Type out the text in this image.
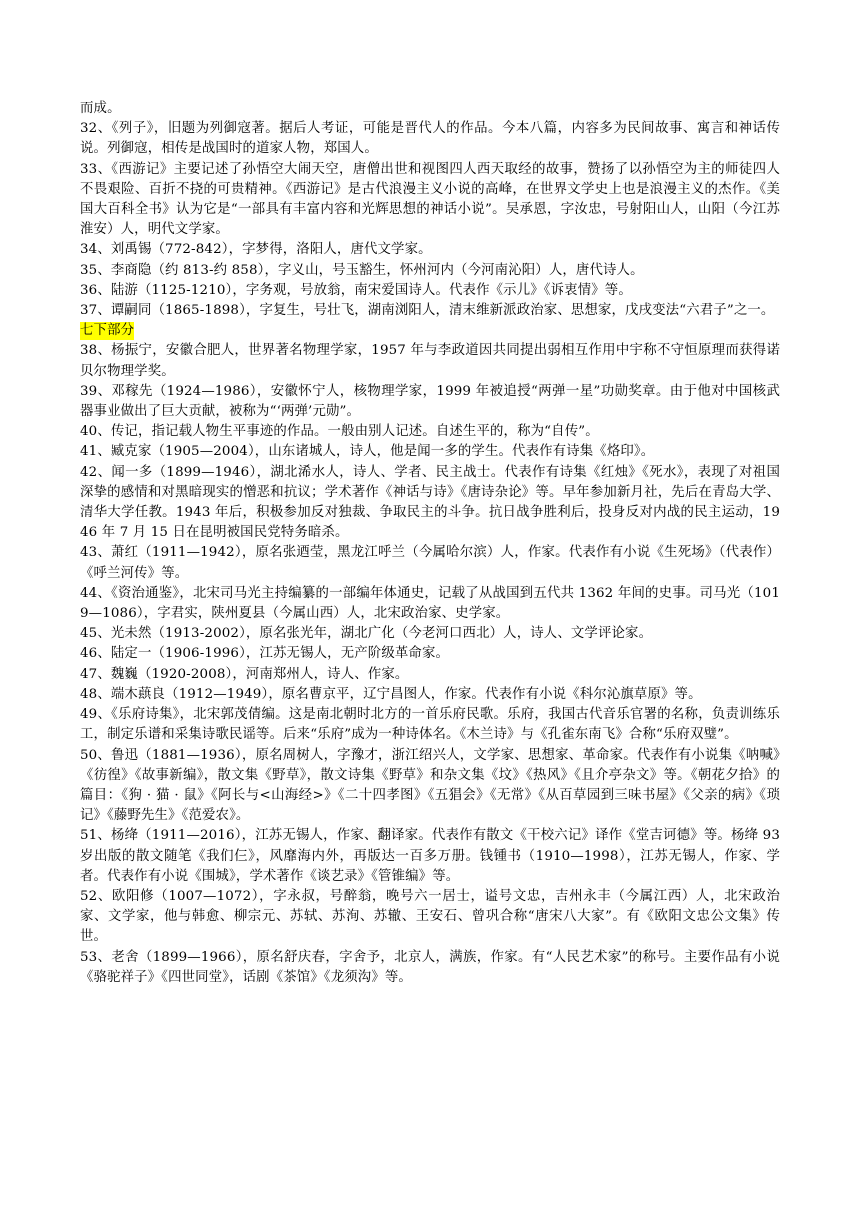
而成。

32、《列子》，旧题为列御寇著。据后人考证，可能是晋代人的作品。今本八篇，内容多为民间故事、寓言和神话传说。列御寇，相传是战国时的道家人物，郑国人。

33、《西游记》主要记述了孙悟空大闹天空，唐僧出世和视图四人西天取经的故事，赞扬了以孙悟空为主的师徒四人不畏艰险、百折不挠的可贵精神。《西游记》是古代浪漫主义小说的高峰，在世界文学史上也是浪漫主义的杰作。《美国大百科全书》认为它是“一部具有丰富内容和光辉思想的神话小说”。吴承恩，字汝忠，号射阳山人，山阳（今江苏淮安）人，明代文学家。

34、刘禹锡（772-842），字梦得，洛阳人，唐代文学家。

35、李商隐（约 813-约 858），字义山，号玉豁生，怀州河内（今河南沁阳）人，唐代诗人。

36、陆游（1125-1210），字务观，号放翁，南宋爱国诗人。代表作《示儿》《诉衷情》等。

37、谭嗣同（1865-1898），字复生，号壮飞，湖南浏阳人，清末维新派政治家、思想家，戊戌变法“六君子”之一。

七下部分

38、杨振宁，安徽合肥人，世界著名物理学家，1957 年与李政道因共同提出弱相互作用中宇称不守恒原理而获得诺贝尔物理学奖。

39、邓稼先（1924—1986），安徽怀宁人，核物理学家，1999 年被追授“两弹一星”功勋奖章。由于他对中国核武器事业做出了巨大贡献，被称为“‘两弹’元勋”。

40、传记，指记载人物生平事迹的作品。一般由别人记述。自述生平的，称为“自传”。

41、臧克家（1905—2004），山东诸城人，诗人，他是闻一多的学生。代表作有诗集《烙印》。

42、闻一多（1899—1946），湖北浠水人，诗人、学者、民主战士。代表作有诗集《红烛》《死水》，表现了对祖国深挚的感情和对黑暗现实的憎恶和抗议；学术著作《神话与诗》《唐诗杂论》等。早年参加新月社，先后在青岛大学、清华大学任教。1943 年后，积极参加反对独裁、争取民主的斗争。抗日战争胜利后，投身反对内战的民主运动，1946 年 7 月 15 日在昆明被国民党特务暗杀。

43、萧红（1911—1942），原名张迺莹，黑龙江呼兰（今属哈尔滨）人，作家。代表作有小说《生死场》（代表作）《呼兰河传》等。

44、《资治通鉴》，北宋司马光主持编纂的一部编年体通史，记载了从战国到五代共 1362 年间的史事。司马光（1019—1086），字君实，陕州夏县（今属山西）人，北宋政治家、史学家。

45、光未然（1913-2002），原名张光年，湖北广化（今老河口西北）人，诗人、文学评论家。

46、陆定一（1906-1996），江苏无锡人，无产阶级革命家。

47、魏巍（1920-2008），河南郑州人，诗人、作家。

48、端木蕻良（1912—1949），原名曹京平，辽宁昌图人，作家。代表作有小说《科尔沁旗草原》等。

49、《乐府诗集》，北宋郭茂倩编。这是南北朝时北方的一首乐府民歌。乐府，我国古代音乐官署的名称，负责训练乐工，制定乐谱和采集诗歌民谣等。后来“乐府”成为一种诗体名。《木兰诗》与《孔雀东南飞》合称“乐府双璧”。

50、鲁迅（1881—1936），原名周树人，字豫才，浙江绍兴人，文学家、思想家、革命家。代表作有小说集《呐喊》《彷徨》《故事新编》，散文集《野草》，散文诗集《野草》和杂文集《坟》《热风》《且介亭杂文》等。《朝花夕拾》的篇目：《狗 · 猫 · 鼠》《阿长与<山海经>》《二十四孝图》《五猖会》《无常》《从百草园到三味书屋》《父亲的病》《琐记》《藤野先生》《范爱农》。

51、杨绛（1911—2016），江苏无锡人，作家、翻译家。代表作有散文《干校六记》译作《堂吉诃德》等。杨绛 93 岁出版的散文随笔《我们仨》，风靡海内外，再版达一百多万册。钱锺书（1910—1998），江苏无锡人，作家、学者。代表作有小说《围城》，学术著作《谈艺录》《管锥编》等。

52、欧阳修（1007—1072），字永叔，号醉翁，晚号六一居士，谥号文忠，吉州永丰（今属江西）人，北宋政治家、文学家，他与韩愈、柳宗元、苏轼、苏洵、苏辙、王安石、曾巩合称“唐宋八大家”。有《欧阳文忠公文集》传世。

53、老舍（1899—1966），原名舒庆春，字舍予，北京人，满族，作家。有“人民艺术家”的称号。主要作品有小说《骆驼祥子》《四世同堂》，话剧《茶馆》《龙须沟》等。
